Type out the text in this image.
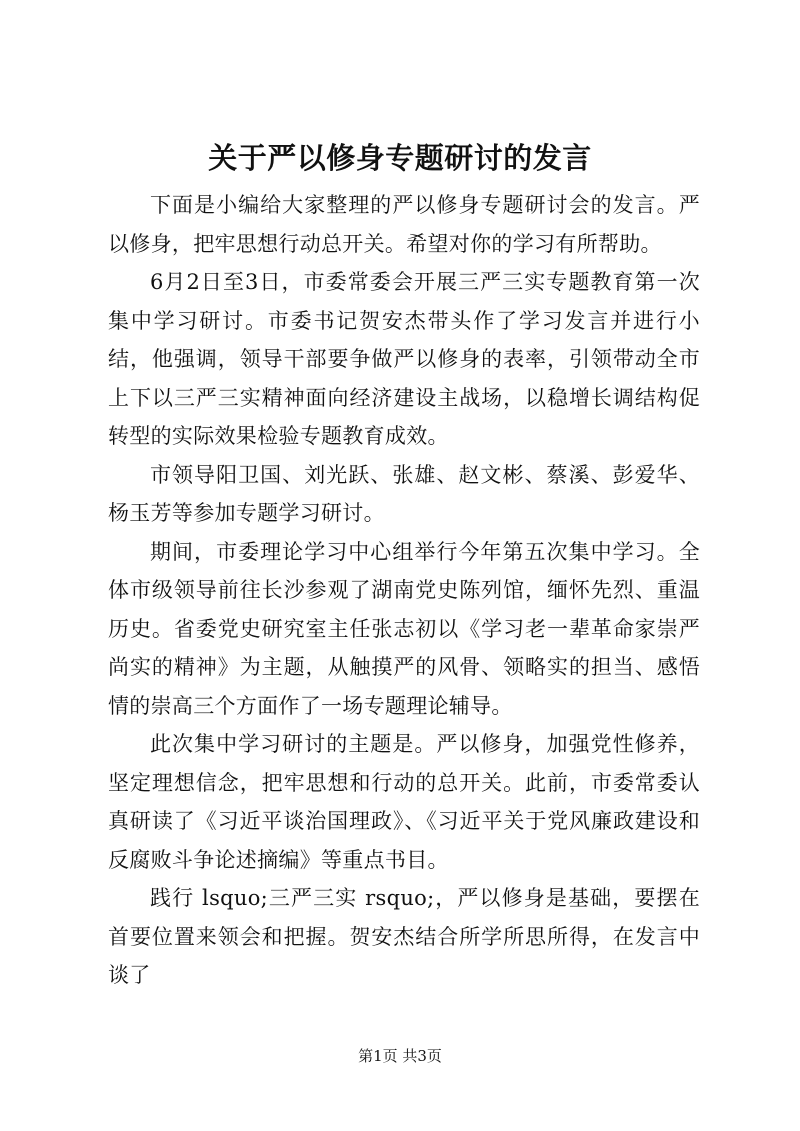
关于严以修身专题研讨的发言

下面是小编给大家整理的严以修身专题研讨会的发言。严以修身，把牢思想行动总开关。希望对你的学习有所帮助。

6月2日至3日，市委常委会开展三严三实专题教育第一次集中学习研讨。市委书记贺安杰带头作了学习发言并进行小结，他强调，领导干部要争做严以修身的表率，引领带动全市上下以三严三实精神面向经济建设主战场，以稳增长调结构促转型的实际效果检验专题教育成效。

市领导阳卫国、刘光跃、张雄、赵文彬、蔡溪、彭爱华、杨玉芳等参加专题学习研讨。

期间，市委理论学习中心组举行今年第五次集中学习。全体市级领导前往长沙参观了湖南党史陈列馆，缅怀先烈、重温历史。省委党史研究室主任张志初以《学习老一辈革命家崇严尚实的精神》为主题，从触摸严的风骨、领略实的担当、感悟情的崇高三个方面作了一场专题理论辅导。

此次集中学习研讨的主题是。严以修身，加强党性修养，坚定理想信念，把牢思想和行动的总开关。此前，市委常委认真研读了《习近平谈治国理政》、《习近平关于党风廉政建设和反腐败斗争论述摘编》等重点书目。

践行 lsquo;三严三实 rsquo;，严以修身是基础，要摆在首要位置来领会和把握。贺安杰结合所学所思所得，在发言中谈了

第1页 共3页
